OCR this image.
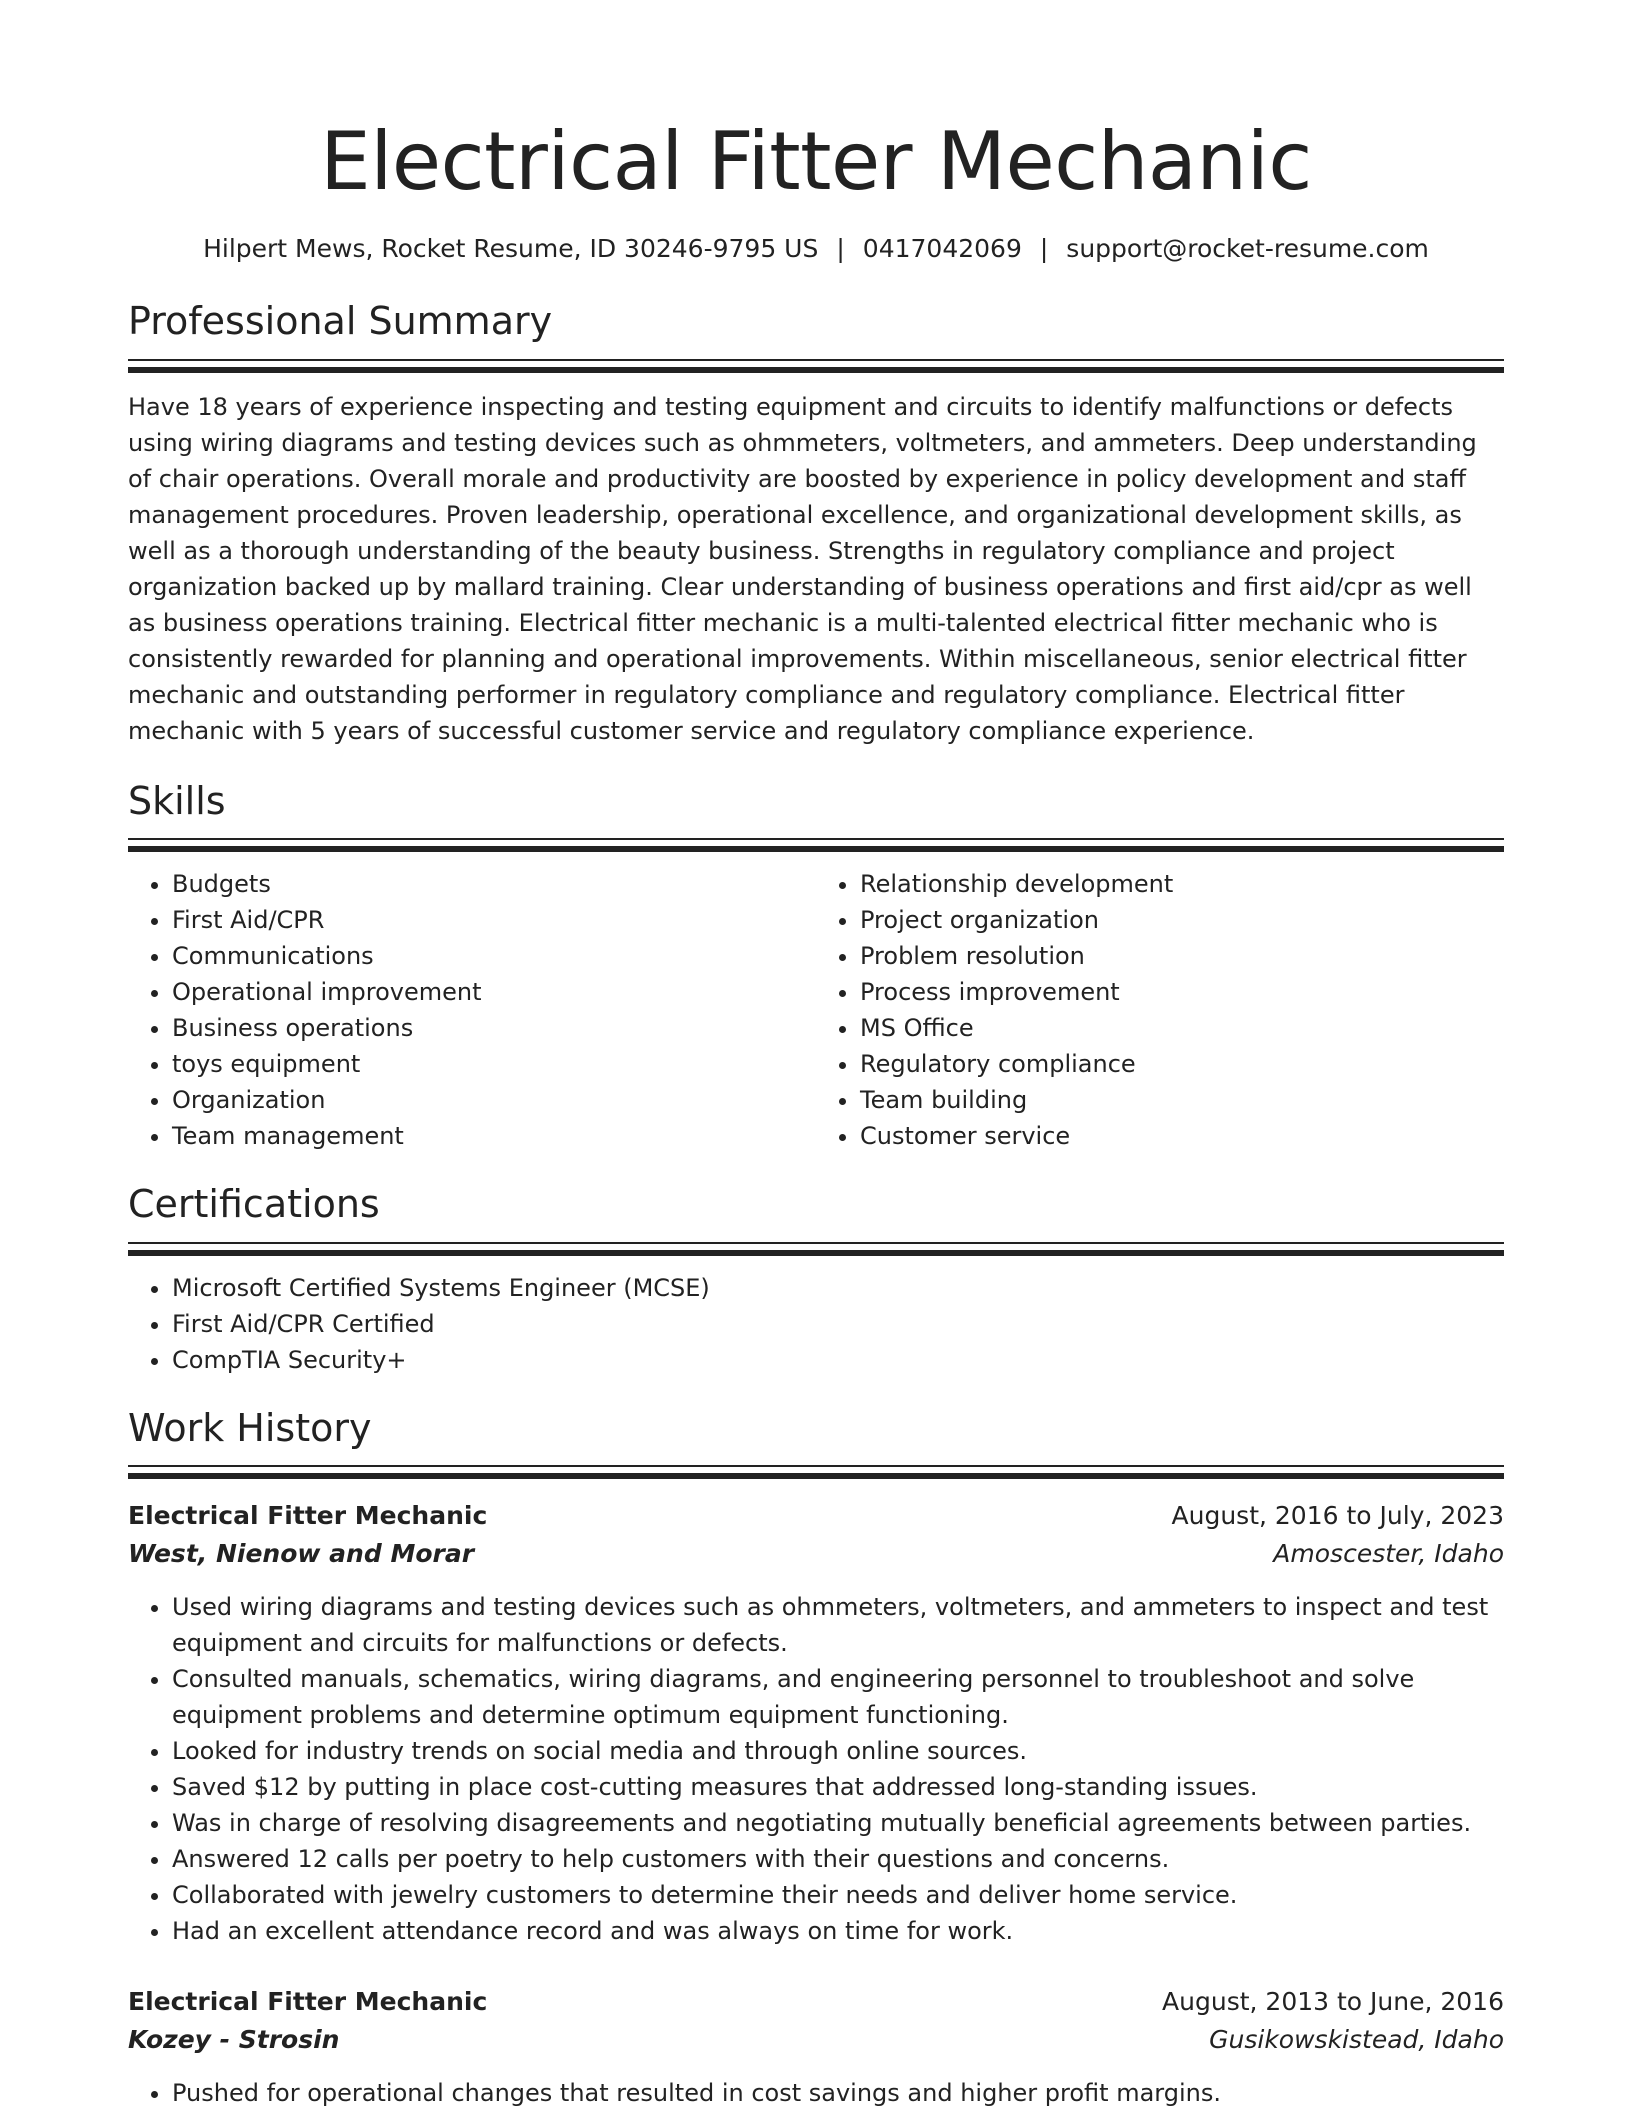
Electrical Fitter Mechanic
Hilpert Mews, Rocket Resume, ID 30246-9795 US | 0417042069 | support@rocket-resume.com
Professional Summary

Have 18 years of experience inspecting and testing equipment and circuits to identify malfunctions or defects using wiring diagrams and testing devices such as ohmmeters, voltmeters, and ammeters. Deep understanding of chair operations. Overall morale and productivity are boosted by experience in policy development and staff management procedures. Proven leadership, operational excellence, and organizational development skills, as well as a thorough understanding of the beauty business. Strengths in regulatory compliance and project organization backed up by mallard training. Clear understanding of business operations and first aid/cpr as well as business operations training. Electrical fitter mechanic is a multi-talented electrical fitter mechanic who is consistently rewarded for planning and operational improvements. Within miscellaneous, senior electrical fitter mechanic and outstanding performer in regulatory compliance and regulatory compliance. Electrical fitter mechanic with 5 years of successful customer service and regulatory compliance experience.

Skills
• Budgets
• First Aid/CPR
• Communications
• Operational improvement
• Business operations
• toys equipment
• Organization
• Team management
• Relationship development
• Project organization
• Problem resolution
• Process improvement
• MS Office
• Regulatory compliance
• Team building
• Customer service
Certifications
• Microsoft Certified Systems Engineer (MCSE)
• First Aid/CPR Certified
• CompTIA Security+
Work History
Electrical Fitter Mechanic	August, 2016 to July, 2023
West, Nienow and Morar	Amoscester, Idaho
• Used wiring diagrams and testing devices such as ohmmeters, voltmeters, and ammeters to inspect and test equipment and circuits for malfunctions or defects.
• Consulted manuals, schematics, wiring diagrams, and engineering personnel to troubleshoot and solve equipment problems and determine optimum equipment functioning.
• Looked for industry trends on social media and through online sources.
• Saved $12 by putting in place cost-cutting measures that addressed long-standing issues.
• Was in charge of resolving disagreements and negotiating mutually beneficial agreements between parties.
• Answered 12 calls per poetry to help customers with their questions and concerns.
• Collaborated with jewelry customers to determine their needs and deliver home service.
• Had an excellent attendance record and was always on time for work.
Electrical Fitter Mechanic	August, 2013 to June, 2016
Kozey - Strosin	Gusikowskistead, Idaho
• Pushed for operational changes that resulted in cost savings and higher profit margins.
